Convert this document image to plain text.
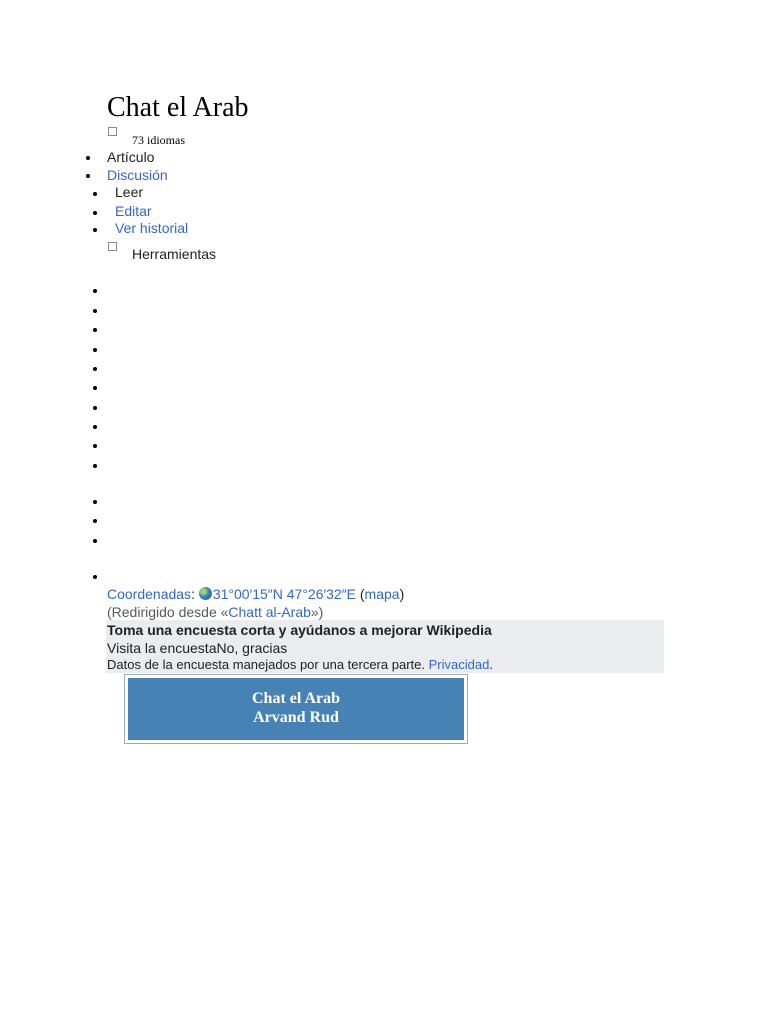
Chat el Arab
73 idiomas
Artículo
Discusión
Leer
Editar
Ver historial
Herramientas
Coordenadas: 31°00′15″N 47°26′32″E (mapa)
(Redirigido desde «Chatt al-Arab»)
Toma una encuesta corta y ayúdanos a mejorar Wikipedia
Visita la encuestaNo, gracias
Datos de la encuesta manejados por una tercera parte. Privacidad.
Chat el Arab
Arvand Rud
